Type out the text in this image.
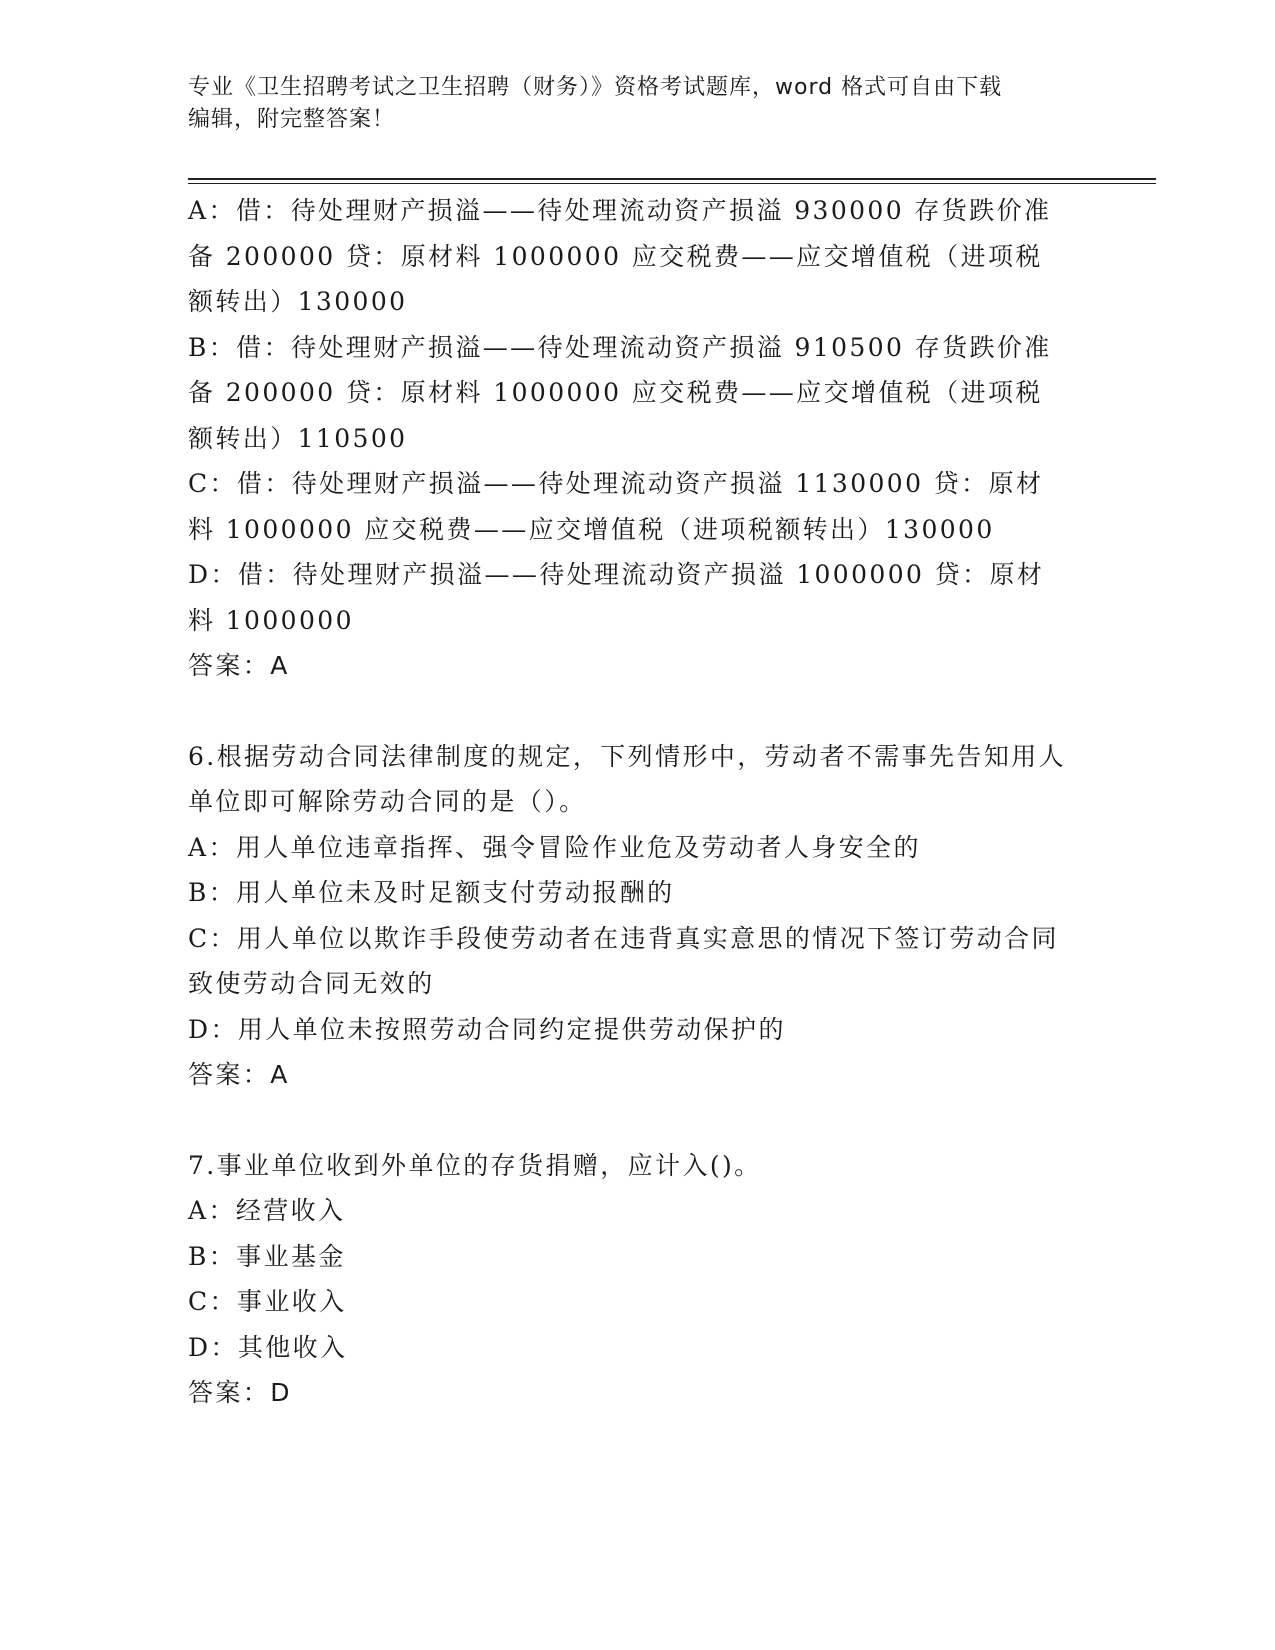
专业《卫生招聘考试之卫生招聘（财务）》资格考试题库，word 格式可自由下载
编辑，附完整答案！

A：借：待处理财产损溢——待处理流动资产损溢 930000 存货跌价准备 200000 贷：原材料 1000000 应交税费——应交增值税（进项税额转出）130000

B：借：待处理财产损溢——待处理流动资产损溢 910500 存货跌价准备 200000 贷：原材料 1000000 应交税费——应交增值税（进项税额转出）110500

C：借：待处理财产损溢——待处理流动资产损溢 1130000 贷：原材料 1000000 应交税费——应交增值税（进项税额转出）130000

D：借：待处理财产损溢——待处理流动资产损溢 1000000 贷：原材料 1000000

答案：A

6.根据劳动合同法律制度的规定，下列情形中，劳动者不需事先告知用人单位即可解除劳动合同的是（）。

A：用人单位违章指挥、强令冒险作业危及劳动者人身安全的

B：用人单位未及时足额支付劳动报酬的

C：用人单位以欺诈手段使劳动者在违背真实意思的情况下签订劳动合同致使劳动合同无效的

D：用人单位未按照劳动合同约定提供劳动保护的

答案：A

7.事业单位收到外单位的存货捐赠，应计入()。

A：经营收入

B：事业基金

C：事业收入

D：其他收入

答案：D
